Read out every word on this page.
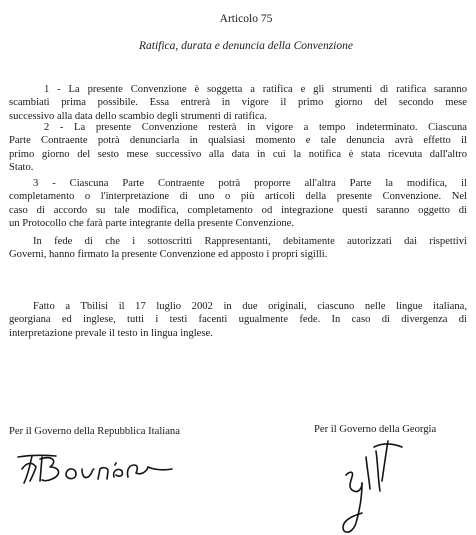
Articolo 75
Ratifica, durata e denuncia della Convenzione
1 - La presente Convenzione è soggetta a ratifica e gli strumenti di ratifica saranno
scambiati prima possibile. Essa entrerà in vigore il primo giorno del secondo mese
successivo alla data dello scambio degli strumenti di ratifica.
2 - La presente Convenzione resterà in vigore a tempo indeterminato. Ciascuna
Parte Contraente potrà denunciarla in qualsiasi momento e tale denuncia avrà effetto il
primo giorno del sesto mese successivo alla data in cui la notifica è stata ricevuta dall'altro
Stato.
3 - Ciascuna Parte Contraente potrà proporre all'altra Parte la modifica, il
completamento o l'interpretazione di uno o più articoli della presente Convenzione. Nel
caso di accordo su tale modifica, completamento od integrazione questi saranno oggetto di
un Protocollo che farà parte integrante della presente Convenzione.
In fede di che i sottoscritti Rappresentanti, debitamente autorizzati dai rispettivi
Governi, hanno firmato la presente Convenzione ed apposto i propri sigilli.
Fatto a Tbilisi il 17 luglio 2002 in due originali, ciascuno nelle lingue italiana,
georgiana ed inglese, tutti i testi facenti ugualmente fede. In caso di divergenza di
interpretazione prevale il testo in lingua inglese.
Per il Governo della Repubblica Italiana	Per il Governo della Georgia
